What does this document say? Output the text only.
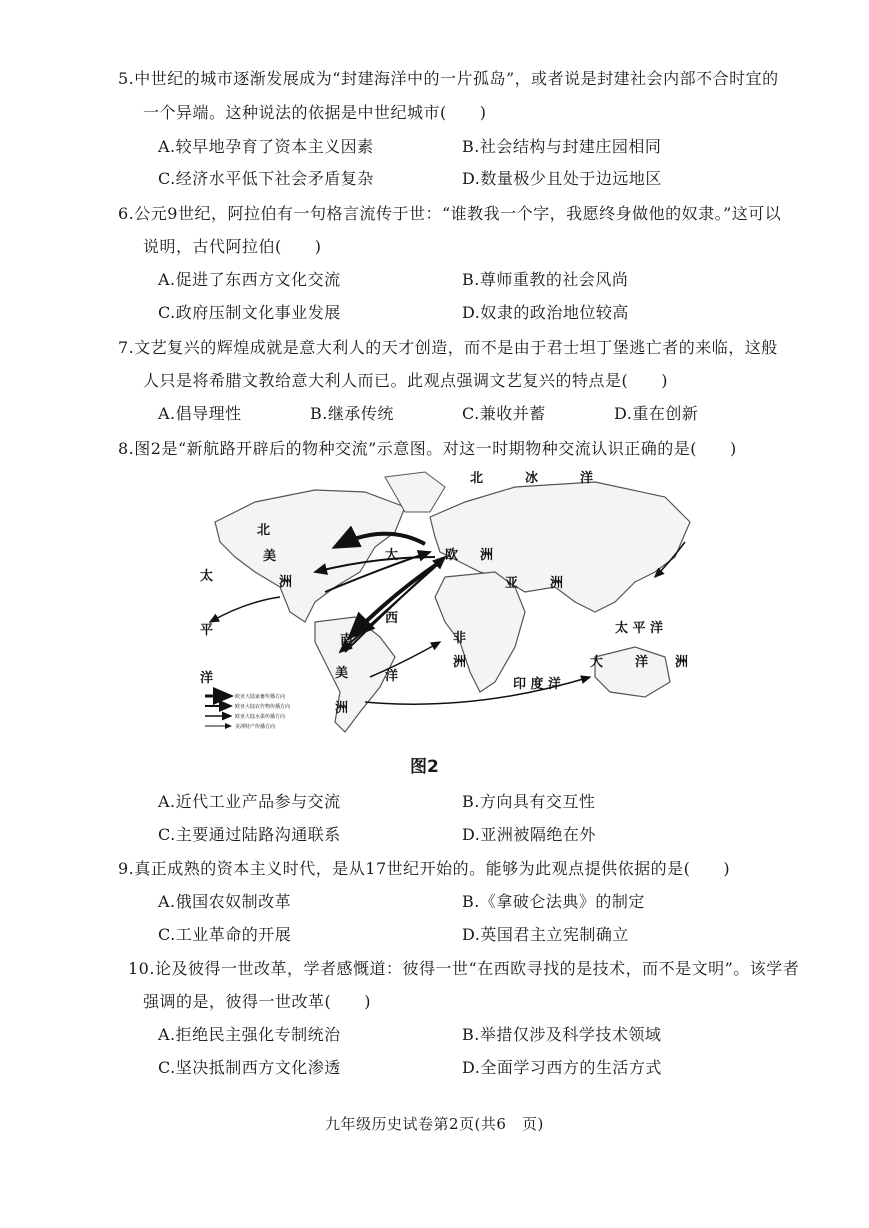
5.中世纪的城市逐渐发展成为“封建海洋中的一片孤岛”，或者说是封建社会内部不合时宜的
一个异端。这种说法的依据是中世纪城市(　　)
A.较早地孕育了资本主义因素	B.社会结构与封建庄园相同
C.经济水平低下社会矛盾复杂	D.数量极少且处于边远地区
6.公元9世纪，阿拉伯有一句格言流传于世：“谁教我一个字，我愿终身做他的奴隶。”这可以
说明，古代阿拉伯(　　)
A.促进了东西方文化交流	B.尊师重教的社会风尚
C.政府压制文化事业发展	D.奴隶的政治地位较高
7.文艺复兴的辉煌成就是意大利人的天才创造，而不是由于君士坦丁堡逃亡者的来临，这般
人只是将希腊文教给意大利人而已。此观点强调文艺复兴的特点是(　　)
A.倡导理性	B.继承传统	C.兼收并蓄	D.重在创新
8.图2是“新航路开辟后的物种交流”示意图。对这一时期物种交流认识正确的是(　　)
北	冰	洋
北
美
洲
太
平
洋
南
美
洲
大
西
洋
欧 洲
非
洲
亚 洲
太 平 洋
印 度 洋
大 洋 洲
欧亚大陆家畜传播方向
欧亚大陆农作物传播方向
欧亚大陆水果传播方向
美洲特产传播方向
图2
A.近代工业产品参与交流	B.方向具有交互性
C.主要通过陆路沟通联系	D.亚洲被隔绝在外
9.真正成熟的资本主义时代，是从17世纪开始的。能够为此观点提供依据的是(　　)
A.俄国农奴制改革	B.《拿破仑法典》的制定
C.工业革命的开展	D.英国君主立宪制确立
10.论及彼得一世改革，学者感慨道：彼得一世“在西欧寻找的是技术，而不是文明”。该学者
强调的是，彼得一世改革(　　)
A.拒绝民主强化专制统治	B.举措仅涉及科学技术领域
C.坚决抵制西方文化渗透	D.全面学习西方的生活方式
九年级历史试卷第2页(共6　页)
